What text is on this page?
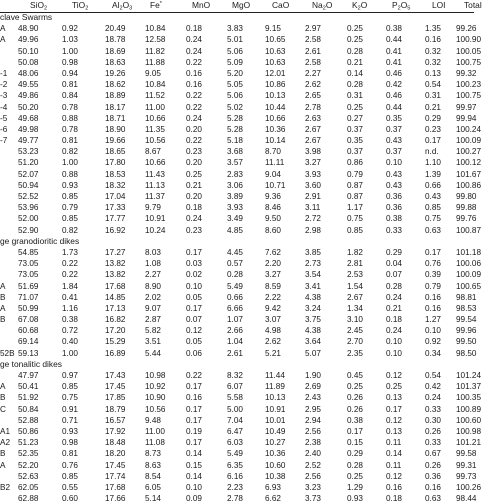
SiO$_2$	TiO$_2$	$Al_2O_3$ Fe*	MnO	MgO	CaO	$Na_2O$ $K_2O$	$P_2O_5$	LOI Total
clave Swarms
A 48.90	0.92	20.49 10.84	0.18	3.83	9.15	2.97	0.25	0.38	1.35 99.26
A 49.96	1.03	18.78 12.58	0.24	5.01	10.65 2.58	0.25	0.44	0.16 100.90
50.10	1.00	18.69 11.82	0.24	5.06	10.63 2.61	0.28	0.41	0.32 100.05
50.08	0.98	18.63 11.88	0.22	5.09	10.63 2.58	0.21	0.41	0.32 100.75
-1 48.06	0.94	19.26 9.05	0.16	5.20	12.01 2.27	0.14	0.46	0.13 99.32
-2 49.55	0.81	18.62 10.84	0.16	5.05	10.86 2.62	0.28	0.42	0.54 100.23
-3 49.86	0.84	18.89 11.52	0.22	5.06	10.13 2.65	0.31	0.46	0.31 100.75
-4 50.20	0.78	18.17 11.00	0.22	5.02	10.44 2.78	0.25	0.44	0.21 99.97
-5 49.68	0.88	18.71 10.66	0.24	5.28	10.66 2.63	0.27	0.35	0.29 99.94
-6 49.98	0.78	18.90 11.35	0.20	5.28	10.36 2.67	0.37	0.37	0.23 100.24
-7 49.77	0.81	19.66 10.56	0.22	5.18	10.14 2.67	0.35	0.43	0.17 100.09
53.23	0.82	18.65 8.67	0.23	3.68	8.70	3.98	0.37	0.37	n.d. 100.27
51.20	1.00	17.80 10.66	0.20	3.57	11.11	3.27	0.86	0.10	1.10 100.12
52.07	0.88	18.53 11.43	0.25	2.83	9.04	3.93	0.79	0.43	1.39 101.67
50.94	0.93	18.32 11.13	0.21	3.06	10.71 3.60	0.87	0.43	0.66 100.86
52.52	0.85	17.04 11.37	0.20	3.89	9.36	2.91	0.87	0.36	0.43 99.80
53.96	0.79	17.33 9.79	0.18	3.93	8.46	3.11	1.17	0.36	0.85 99.88
52.00	0.85	17.77 10.91	0.24	3.49	9.50	2.72	0.75	0.38	0.75 99.76
52.90	0.82	16.92 10.24	0.23	4.85	8.60	2.98	0.85	0.33	0.63 100.87
ge granodioritic dikes
54.85	1.73	17.27 8.03	0.17	4.45	7.62	3.85	1.82	0.29	0.17 101.18
73.05	0.22	13.82 1.08	0.03	0.57	2.20	2.73	2.81	0.04	0.76 100.06
73.05	0.22	13.82 2.27	0.02	0.28	3.27	3.54	2.53	0.07	0.39 100.09
A 51.69	1.84	17.68 8.90	0.10	5.49	8.59	3.41	1.54	0.28	0.79 100.65
B 71.07	0.41	14.85 2.02	0.05	0.66	2.22	4.38	2.67	0.24	0.16 98.81
A 50.99	1.16	17.13 9.07	0.17	6.66	9.42	3.24	1.34	0.21	0.16 98.53
B 67.08	0.38	16.82 2.87	0.07	1.07	3.07	3.75	3.10	0.18	1.27 99.54
60.68	0.72	17.20 5.82	0.12	2.66	4.98	4.38	2.45	0.24	0.10 99.96
69.14	0.40	15.29 3.51	0.05	1.04	2.62	3.64	2.70	0.10	0.92 99.50
52B 59.13	1.00	16.89 5.44	0.06	2.61	5.21	5.07	2.35	0.10	0.34 98.50
ge tonalitic dikes
47.97	0.97	17.43 10.98	0.22	8.32	11.44 1.90	0.45	0.12	0.54 101.24
A 50.41	0.85	17.45 10.92	0.17	6.07	11.89 2.69	0.25	0.25	0.42 101.37
B 51.92	0.75	17.85 10.90	0.16	5.58	10.13 2.43	0.26	0.13	0.24 100.35
C 50.84	0.91	18.79 10.56	0.17	5.00	10.91 2.95	0.26	0.17	0.33 100.89
52.88	0.71	16.57 9.48	0.17	7.04	10.01 2.94	0.38	0.12	0.30 100.60
A1 50.86	0.93	17.92 11.00	0.19	6.47	10.49 2.56	0.17	0.13	0.26 100.98
A2 51.23	0.98	18.48 11.08	0.17	6.03	10.27 2.38	0.15	0.11	0.33 101.21
B 52.35	0.81	18.20 8.73	0.14	5.49	10.36 2.40	0.29	0.14	0.67 99.58
A 52.20	0.76	17.45 8.63	0.15	6.35	10.60 2.52	0.28	0.11	0.26 99.31
52.63	0.85	17.74 8.54	0.14	6.16	10.38 2.56	0.25	0.12	0.36 99.73
B2 62.05	0.55	17.68 6.05	0.10	2.23	6.93	3.23	1.29	0.16	0.16 100.26
62.88	0.60	17.66 5.14	0.09	2.78	6.62	3.73	0.93	0.18	0.63 98.44
